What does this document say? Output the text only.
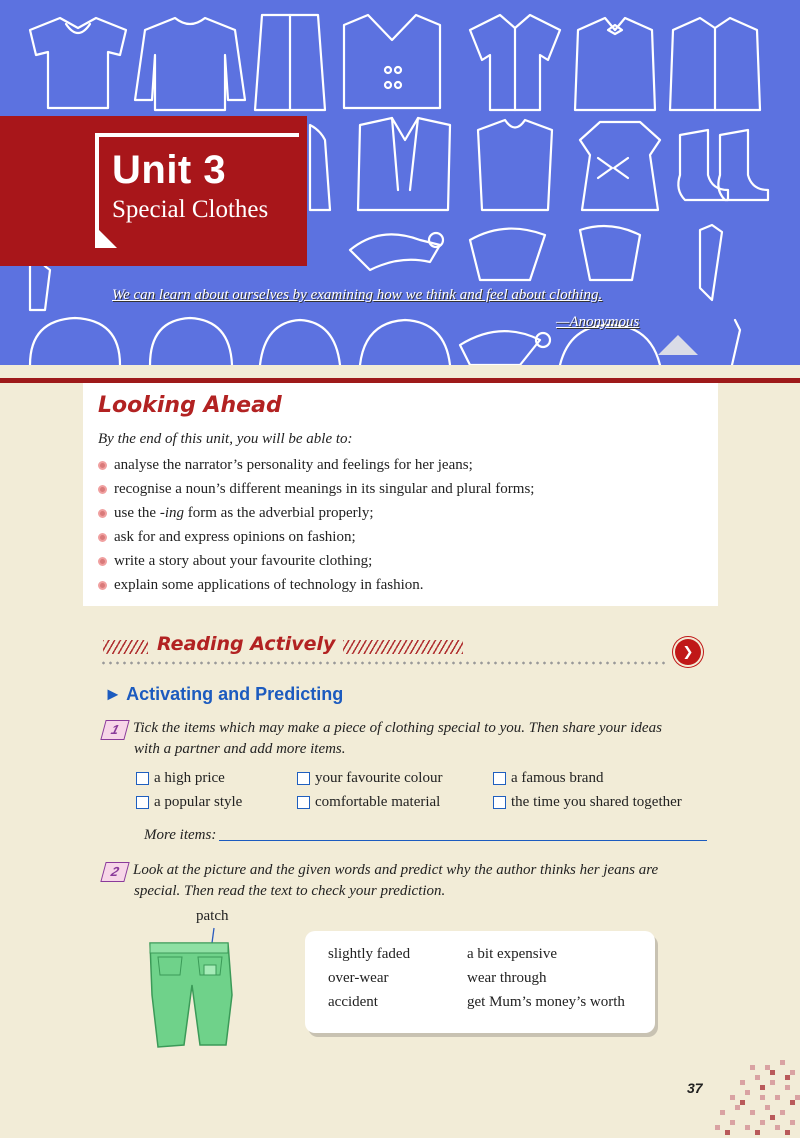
Unit 3
Special Clothes
We can learn about ourselves by examining how we think and feel about clothing.
—Anonymous
Looking Ahead
By the end of this unit, you will be able to:
analyse the narrator’s personality and feelings for her jeans;
recognise a noun’s different meanings in its singular and plural forms;
use the -ing form as the adverbial properly;
ask for and express opinions on fashion;
write a story about your favourite clothing;
explain some applications of technology in fashion.
Reading Actively	❯
► Activating and Predicting
1 Tick the items which may make a piece of clothing special to you. Then share your ideas
with a partner and add more items.
a high price	your favourite colour	a famous brand
a popular style	comfortable material	the time you shared together
More items:
2 Look at the picture and the given words and predict why the author thinks her jeans are
special. Then read the text to check your prediction.
patch
slightly faded	a bit expensive
over-wear	wear through
accident	get Mum’s money’s worth
37
